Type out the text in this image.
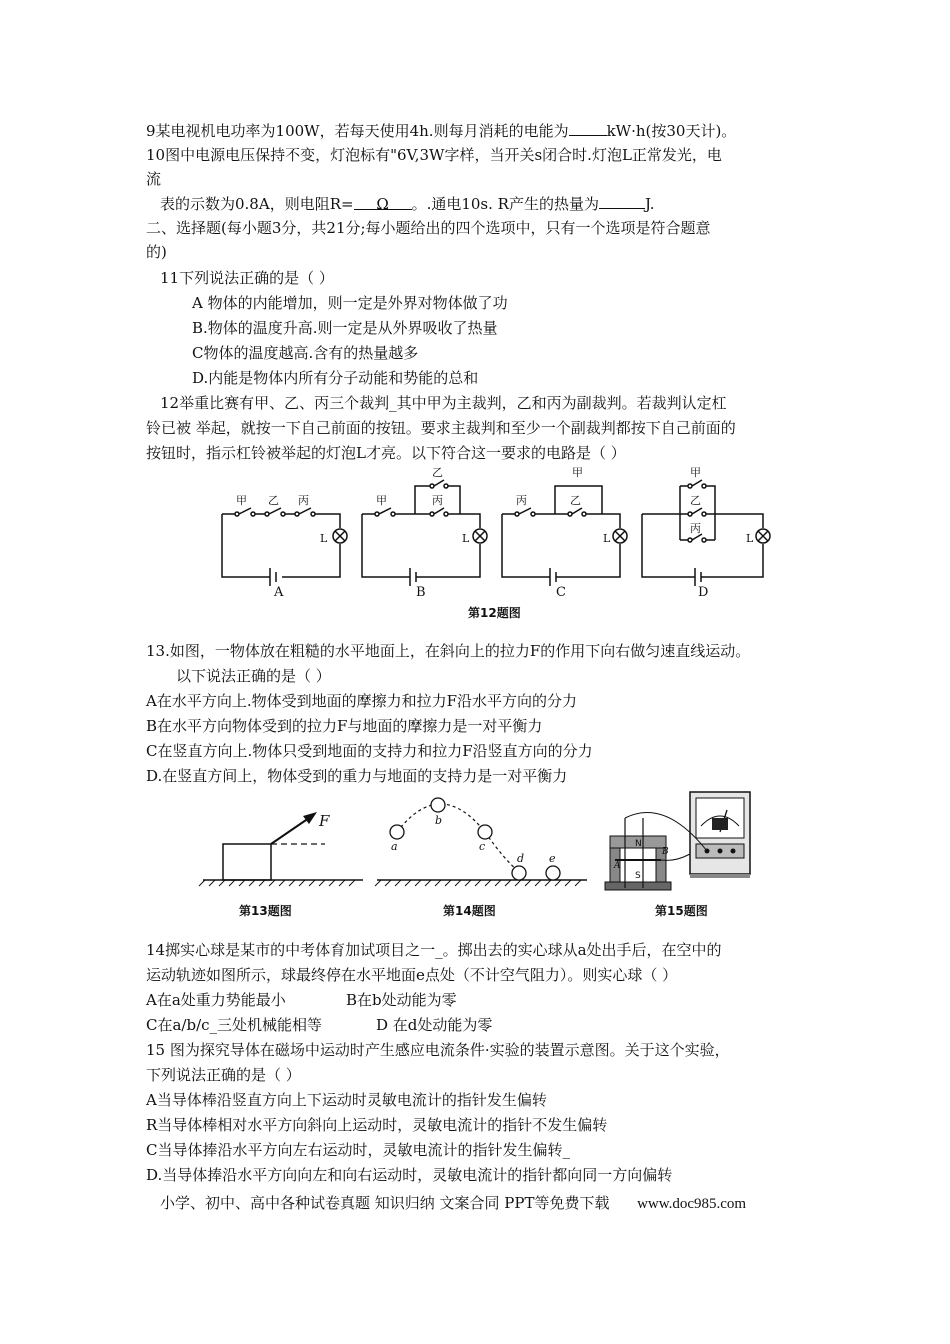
9某电视机电功率为100W，若每天使用4h.则每月消耗的电能为	kW·h(按30天计)。
10图中电源电压保持不变，灯泡标有"6V,3W字样，当开关s闭合时.灯泡L正常发光，电
流
表的示数为0.8A，则电阻R= Ω 。.通电10s. R产生的热量为	J.
二、选择题(每小题3分，共21分;每小题给出的四个选项中，只有一个选项是符合题意
的)
11下列说法正确的是（ ）
A 物体的内能增加，则一定是外界对物体做了功
B.物体的温度升高.则一定是从外界吸收了热量
C物体的温度越高.含有的热量越多
D.内能是物体内所有分子动能和势能的总和
12举重比赛有甲、乙、丙三个裁判_其中甲为主裁判，乙和丙为副裁判。若裁判认定杠
铃已被 举起，就按一下自己前面的按钮。要求主裁判和至少一个副裁判都按下自己前面的
按钮时，指示杠铃被举起的灯泡L才亮。以下符合这一要求的电路是（ ）
甲 乙 丙
L
甲
乙
丙
L
丙
甲
乙
L
甲
乙
丙
L
A	B	C	D
第12题图
13.如图，一物体放在粗糙的水平地面上，在斜向上的拉力F的作用下向右做匀速直线运动。
以下说法正确的是（ ）
A在水平方向上.物体受到地面的摩擦力和拉力F沿水平方向的分力
B在水平方向物体受到的拉力F与地面的摩擦力是一对平衡力
C在竖直方向上.物体只受到地面的支持力和拉力F沿竖直方向的分力
D.在竖直方间上，物体受到的重力与地面的支持力是一对平衡力
F
第13题图
a
b
c
d e
第14题图
N
S
A
B
第15题图
14掷实心球是某市的中考体育加试项目之一_。掷出去的实心球从a处出手后，在空中的
运动轨迹如图所示，球最终停在水平地面e点处（不计空气阻力）。则实心球（ ）
A在a处重力势能最小	B在b处动能为零
C在a/b/c_三处机械能相等	D 在d处动能为零
15 图为探究导体在磁场中运动时产生感应电流条件·实验的装置示意图。关于这个实验，
下列说法正确的是（ ）
A当导体棒沿竖直方向上下运动时灵敏电流计的指针发生偏转
R当导体棒相对水平方向斜向上运动时，灵敏电流计的指针不发生偏转
C当导体捧沿水平方向左右运动时，灵敏电流计的指针发生偏转_
D.当导体捧沿水平方向向左和向右运动时，灵敏电流计的指针都向同一方向偏转
小学、初中、高中各种试卷真题 知识归纳 文案合同 PPT等免费下载 www.doc985.com
